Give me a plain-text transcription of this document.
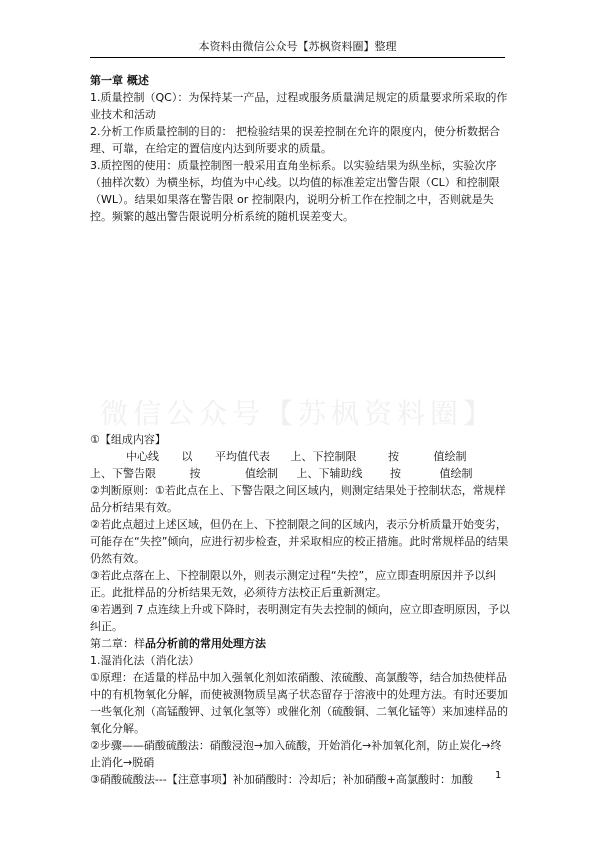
本资料由微信公众号【苏枫资料圈】整理
微信公众号【苏枫资料圈】

第一章 概述

1.质量控制（QC）：为保持某一产品，过程或服务质量满足规定的质量要求所采取的作业技术和活动

2.分析工作质量控制的目的： 把检验结果的误差控制在允许的限度内，使分析数据合理、可靠，在给定的置信度内达到所要求的质量。

3.质控图的使用：质量控制图一般采用直角坐标系。以实验结果为纵坐标，实验次序（抽样次数）为横坐标，均值为中心线。以均值的标准差定出警告限（CL）和控制限（WL）。结果如果落在警告限 or 控制限内，说明分析工作在控制之中，否则就是失控。频繁的越出警告限说明分析系统的随机误差变大。

①【组成内容】

中心线 以 平均值代表 上、下控制限	按	值绘制

上、下警告限	按	值绘制 上、下辅助线	按	值绘制

②判断原则：①若此点在上、下警告限之间区域内，则测定结果处于控制状态，常规样品分析结果有效。

②若此点超过上述区域，但仍在上、下控制限之间的区域内，表示分析质量开始变劣，可能存在“失控”倾向，应进行初步检查，并采取相应的校正措施。此时常规样品的结果仍然有效。

③若此点落在上、下控制限以外，则表示测定过程“失控”，应立即查明原因并予以纠正。此批样品的分析结果无效，必须待方法校正后重新测定。

④若遇到 7 点连续上升或下降时，表明测定有失去控制的倾向，应立即查明原因，予以纠正。

第二章：样品分析前的常用处理方法

1.湿消化法（消化法）

①原理：在适量的样品中加入强氧化剂如浓硝酸、浓硫酸、高氯酸等，结合加热使样品中的有机物氧化分解，而使被测物质呈离子状态留存于溶液中的处理方法。有时还要加一些氧化剂（高锰酸钾、过氧化氢等）或催化剂（硫酸铜、二氧化锰等）来加速样品的氧化分解。

②步骤——硝酸硫酸法：硝酸浸泡→加入硫酸，开始消化→补加氧化剂，防止炭化→终止消化→脱硝

③硝酸硫酸法---【注意事项】补加硝酸时：冷却后；补加硝酸+高氯酸时：加酸	1
